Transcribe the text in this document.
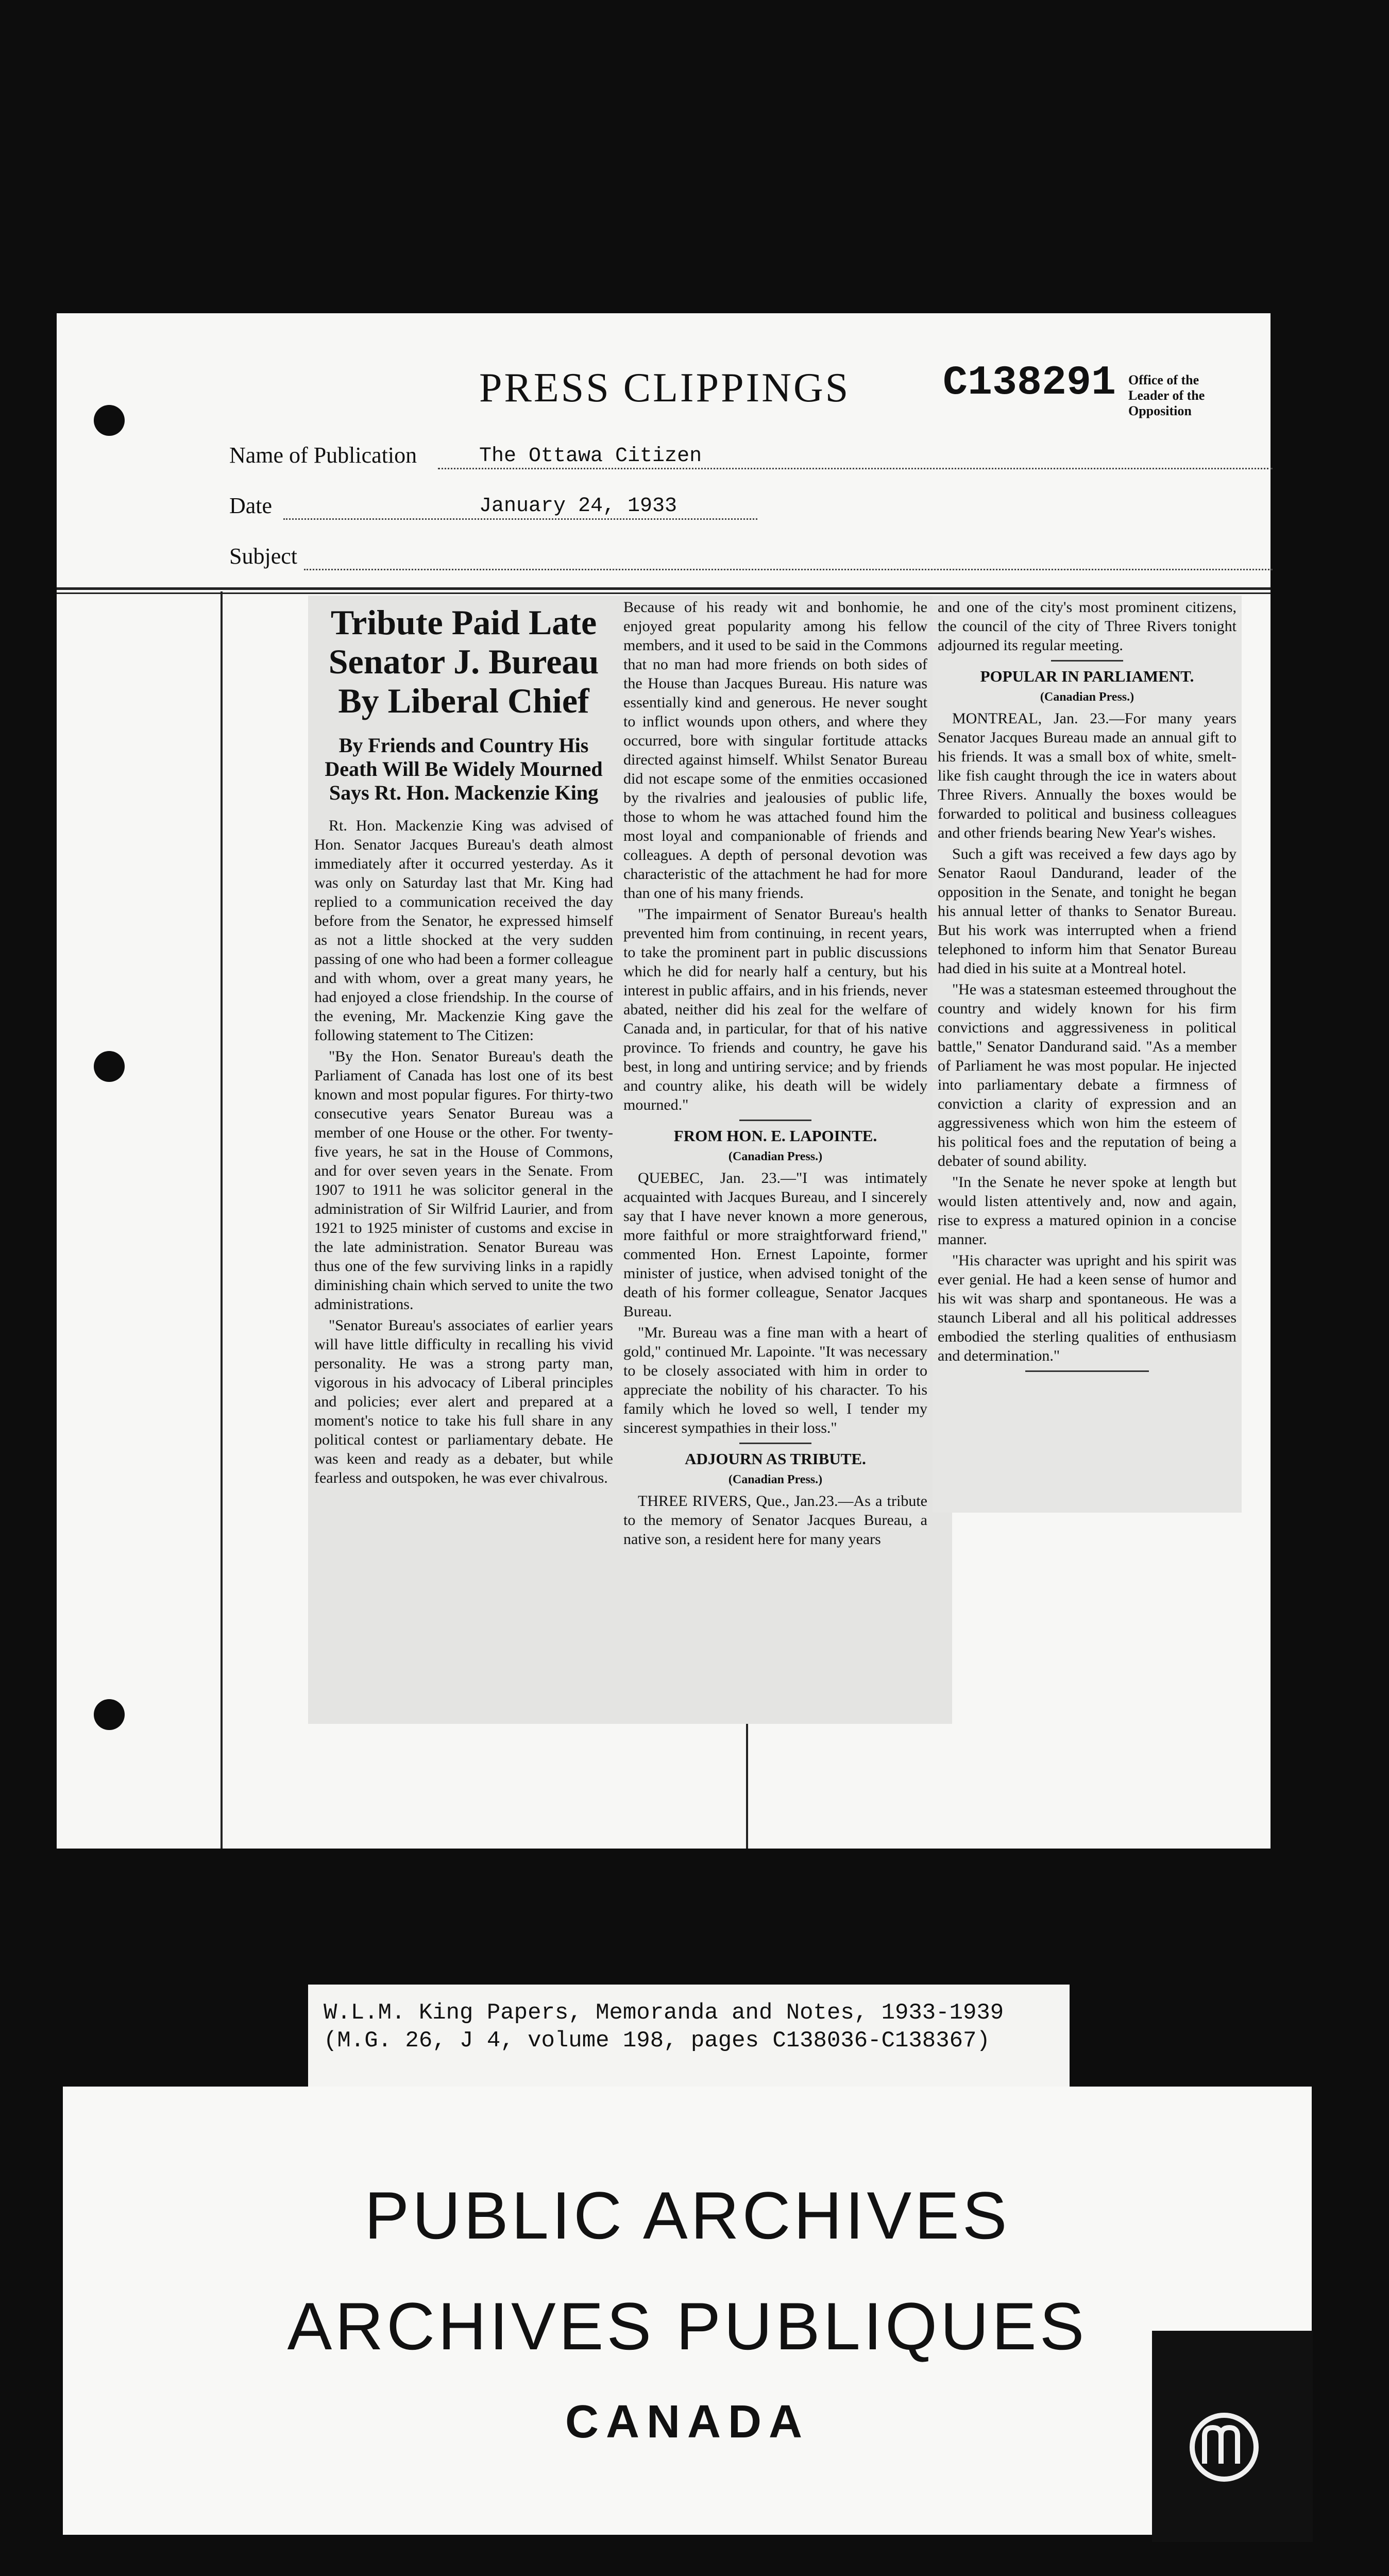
PRESS CLIPPINGS C138291 Office of the Leader of the Opposition
Name of Publication	The Ottawa Citizen
Date	January 24, 1933
Subject
Tribute Paid Late Senator J. Bureau By Liberal Chief
By Friends and Country His Death Will Be Widely Mourned Says Rt. Hon. Mackenzie King

Rt. Hon. Mackenzie King was advised of Hon. Senator Jacques Bureau's death almost immediately after it occurred yesterday. As it was only on Saturday last that Mr. King had replied to a communication received the day before from the Senator, he expressed himself as not a little shocked at the very sudden passing of one who had been a former colleague and with whom, over a great many years, he had enjoyed a close friendship. In the course of the evening, Mr. Mackenzie King gave the following statement to The Citizen:

"By the Hon. Senator Bureau's death the Parliament of Canada has lost one of its best known and most popular figures. For thirty-two consecutive years Senator Bureau was a member of one House or the other. For twenty-five years, he sat in the House of Commons, and for over seven years in the Senate. From 1907 to 1911 he was solicitor general in the administration of Sir Wilfrid Laurier, and from 1921 to 1925 minister of customs and excise in the late administration. Senator Bureau was thus one of the few surviving links in a rapidly diminishing chain which served to unite the two administrations.

"Senator Bureau's associates of earlier years will have little difficulty in recalling his vivid personality. He was a strong party man, vigorous in his advocacy of Liberal principles and policies; ever alert and prepared at a moment's notice to take his full share in any political contest or parliamentary debate. He was keen and ready as a debater, but while fearless and outspoken, he was ever chivalrous.

Because of his ready wit and bonhomie, he enjoyed great popularity among his fellow members, and it used to be said in the Commons that no man had more friends on both sides of the House than Jacques Bureau. His nature was essentially kind and generous. He never sought to inflict wounds upon others, and where they occurred, bore with singular fortitude attacks directed against himself. Whilst Senator Bureau did not escape some of the enmities occasioned by the rivalries and jealousies of public life, those to whom he was attached found him the most loyal and companionable of friends and colleagues. A depth of personal devotion was characteristic of the attachment he had for more than one of his many friends.

"The impairment of Senator Bureau's health prevented him from continuing, in recent years, to take the prominent part in public discussions which he did for nearly half a century, but his interest in public affairs, and in his friends, never abated, neither did his zeal for the welfare of Canada and, in particular, for that of his native province. To friends and country, he gave his best, in long and untiring service; and by friends and country alike, his death will be widely mourned."

FROM HON. E. LAPOINTE.

(Canadian Press.)

QUEBEC, Jan. 23.—"I was intimately acquainted with Jacques Bureau, and I sincerely say that I have never known a more generous, more faithful or more straightforward friend," commented Hon. Ernest Lapointe, former minister of justice, when advised tonight of the death of his former colleague, Senator Jacques Bureau.

"Mr. Bureau was a fine man with a heart of gold," continued Mr. Lapointe. "It was necessary to be closely associated with him in order to appreciate the nobility of his character. To his family which he loved so well, I tender my sincerest sympathies in their loss."

ADJOURN AS TRIBUTE.

(Canadian Press.)

THREE RIVERS, Que., Jan.23.—As a tribute to the memory of Senator Jacques Bureau, a native son, a resident here for many years

and one of the city's most prominent citizens, the council of the city of Three Rivers tonight adjourned its regular meeting.

POPULAR IN PARLIAMENT.

(Canadian Press.)

MONTREAL, Jan. 23.—For many years Senator Jacques Bureau made an annual gift to his friends. It was a small box of white, smelt-like fish caught through the ice in waters about Three Rivers. Annually the boxes would be forwarded to political and business colleagues and other friends bearing New Year's wishes.

Such a gift was received a few days ago by Senator Raoul Dandurand, leader of the opposition in the Senate, and tonight he began his annual letter of thanks to Senator Bureau. But his work was interrupted when a friend telephoned to inform him that Senator Bureau had died in his suite at a Montreal hotel.

"He was a statesman esteemed throughout the country and widely known for his firm convictions and aggressiveness in political battle," Senator Dandurand said. "As a member of Parliament he was most popular. He injected into parliamentary debate a firmness of conviction a clarity of expression and an aggressiveness which won him the esteem of his political foes and the reputation of being a debater of sound ability.

"In the Senate he never spoke at length but would listen attentively and, now and again, rise to express a matured opinion in a concise manner.

"His character was upright and his spirit was ever genial. He had a keen sense of humor and his wit was sharp and spontaneous. He was a staunch Liberal and all his political addresses embodied the sterling qualities of enthusiasm and determination."

W.L.M. King Papers, Memoranda and Notes, 1933-1939
(M.G. 26, J 4, volume 198, pages C138036-C138367)
PUBLIC ARCHIVES
ARCHIVES PUBLIQUES
CANADA
